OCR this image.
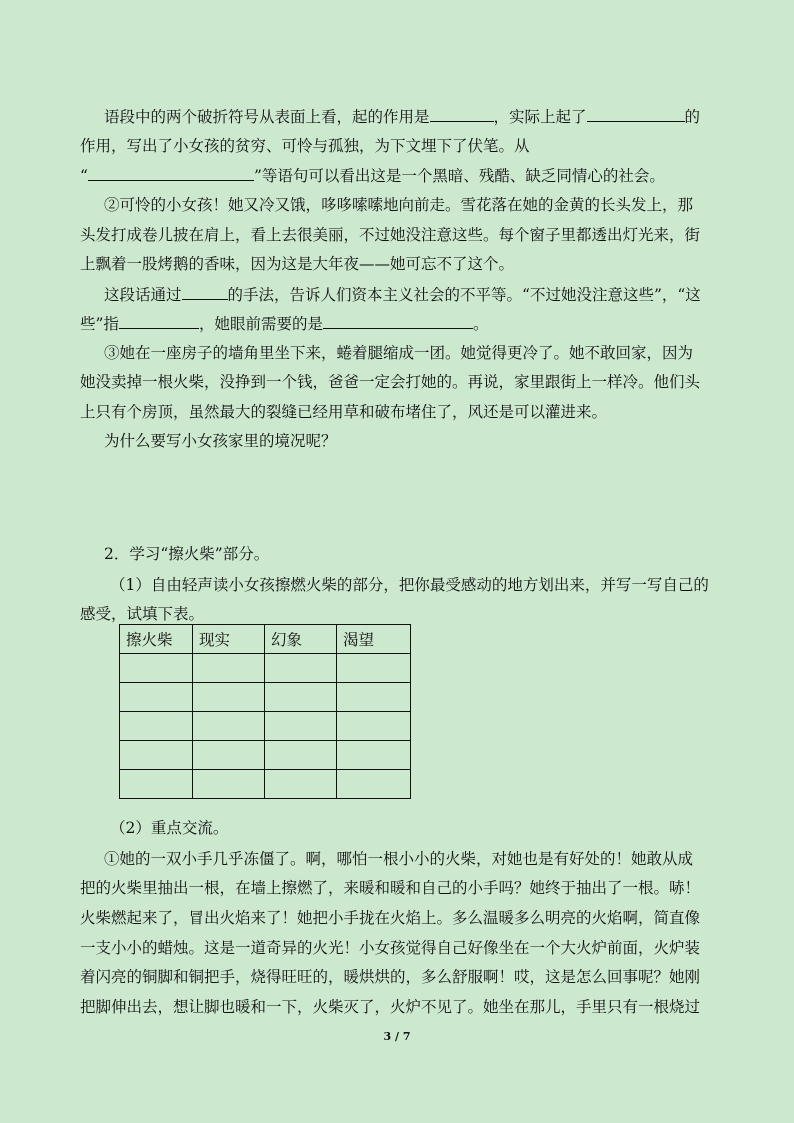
语段中的两个破折符号从表面上看，起的作用是	，实际上起了	的
作用，写出了小女孩的贫穷、可怜与孤独，为下文埋下了伏笔。从
“	”等语句可以看出这是一个黑暗、残酷、缺乏同情心的社会。
②可怜的小女孩！她又冷又饿，哆哆嗦嗦地向前走。雪花落在她的金黄的长头发上，那
头发打成卷儿披在肩上，看上去很美丽，不过她没注意这些。每个窗子里都透出灯光来，街
上飘着一股烤鹅的香味，因为这是大年夜——她可忘不了这个。
这段话通过	的手法，告诉人们资本主义社会的不平等。“不过她没注意这些”，“这
些”指	，她眼前需要的是	。
③她在一座房子的墙角里坐下来，蜷着腿缩成一团。她觉得更冷了。她不敢回家，因为
她没卖掉一根火柴，没挣到一个钱，爸爸一定会打她的。再说，家里跟街上一样冷。他们头
上只有个房顶，虽然最大的裂缝已经用草和破布堵住了，风还是可以灌进来。
为什么要写小女孩家里的境况呢？
2．学习“擦火柴”部分。
（1）自由轻声读小女孩擦燃火柴的部分，把你最受感动的地方划出来，并写一写自己的
感受，试填下表。
擦火柴	现实	幻象	渴望

（2）重点交流。
①她的一双小手几乎冻僵了。啊，哪怕一根小小的火柴，对她也是有好处的！她敢从成
把的火柴里抽出一根，在墙上擦燃了，来暖和暖和自己的小手吗？她终于抽出了一根。哧！
火柴燃起来了，冒出火焰来了！她把小手拢在火焰上。多么温暖多么明亮的火焰啊，简直像
一支小小的蜡烛。这是一道奇异的火光！小女孩觉得自己好像坐在一个大火炉前面，火炉装
着闪亮的铜脚和铜把手，烧得旺旺的，暖烘烘的，多么舒服啊！哎，这是怎么回事呢？她刚
把脚伸出去，想让脚也暖和一下，火柴灭了，火炉不见了。她坐在那儿，手里只有一根烧过
3 / 7
